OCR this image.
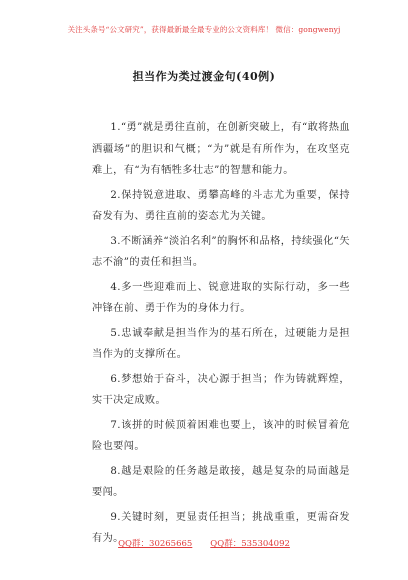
关注头条号“公文研究”，获得最新最全最专业的公文资料库！ 微信：gongwenyj
担当作为类过渡金句(40例)

1.“勇”就是勇往直前，在创新突破上，有“敢将热血洒疆场”的胆识和气概；“为”就是有所作为，在攻坚克难上，有“为有牺牲多壮志”的智慧和能力。

2.保持锐意进取、勇攀高峰的斗志尤为重要，保持奋发有为、勇往直前的姿态尤为关键。

3.不断涵养“淡泊名利”的胸怀和品格，持续强化“矢志不渝”的责任和担当。

4.多一些迎难而上、锐意进取的实际行动，多一些冲锋在前、勇于作为的身体力行。

5.忠诚奉献是担当作为的基石所在，过硬能力是担当作为的支撑所在。

6.梦想始于奋斗，决心源于担当；作为铸就辉煌，实干决定成败。

7.该拼的时候顶着困难也要上，该冲的时候冒着危险也要闯。

8.越是艰险的任务越是敢接，越是复杂的局面越是要闯。

9.关键时刻，更显责任担当；挑战重重，更需奋发有为。

QQ群：30265665 QQ群：535304092
